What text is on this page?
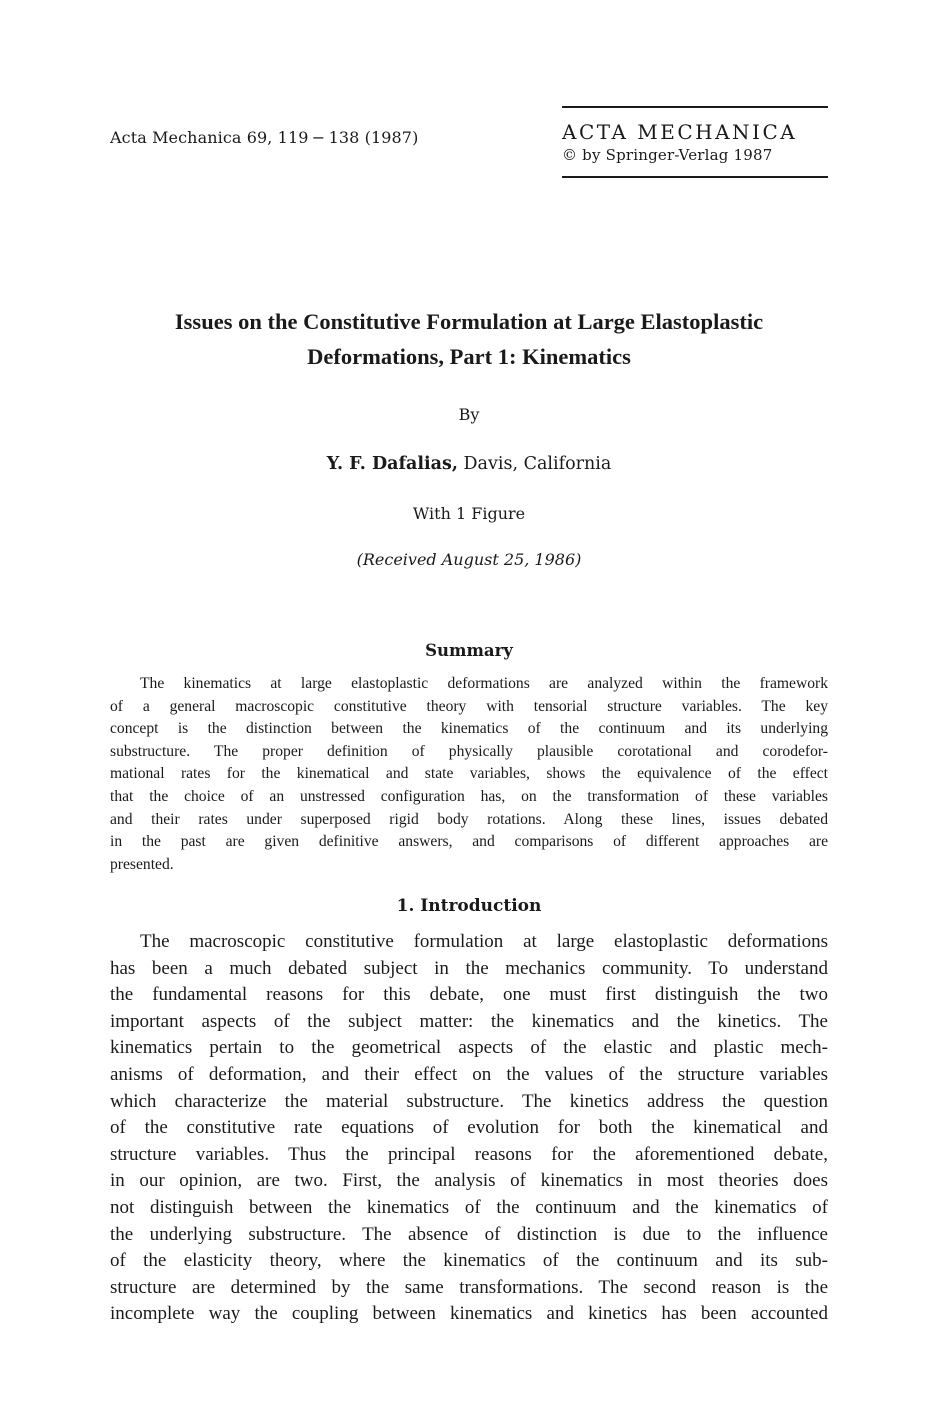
Acta Mechanica 69, 119 − 138 (1987)	ACTA MECHANICA
© by Springer-Verlag 1987
Issues on the Constitutive Formulation at Large Elastoplastic
Deformations, Part 1: Kinematics
By
Y. F. Dafalias, Davis, California
With 1 Figure
(Received August 25, 1986)
Summary
The kinematics at large elastoplastic deformations are analyzed within the framework
of a general macroscopic constitutive theory with tensorial structure variables. The key
concept is the distinction between the kinematics of the continuum and its underlying
substructure. The proper definition of physically plausible corotational and corodefor-
mational rates for the kinematical and state variables, shows the equivalence of the effect
that the choice of an unstressed configuration has, on the transformation of these variables
and their rates under superposed rigid body rotations. Along these lines, issues debated
in the past are given definitive answers, and comparisons of different approaches are
presented.
1. Introduction
The macroscopic constitutive formulation at large elastoplastic deformations
has been a much debated subject in the mechanics community. To understand
the fundamental reasons for this debate, one must first distinguish the two
important aspects of the subject matter: the kinematics and the kinetics. The
kinematics pertain to the geometrical aspects of the elastic and plastic mech-
anisms of deformation, and their effect on the values of the structure variables
which characterize the material substructure. The kinetics address the question
of the constitutive rate equations of evolution for both the kinematical and
structure variables. Thus the principal reasons for the aforementioned debate,
in our opinion, are two. First, the analysis of kinematics in most theories does
not distinguish between the kinematics of the continuum and the kinematics of
the underlying substructure. The absence of distinction is due to the influence
of the elasticity theory, where the kinematics of the continuum and its sub-
structure are determined by the same transformations. The second reason is the
incomplete way the coupling between kinematics and kinetics has been accounted
